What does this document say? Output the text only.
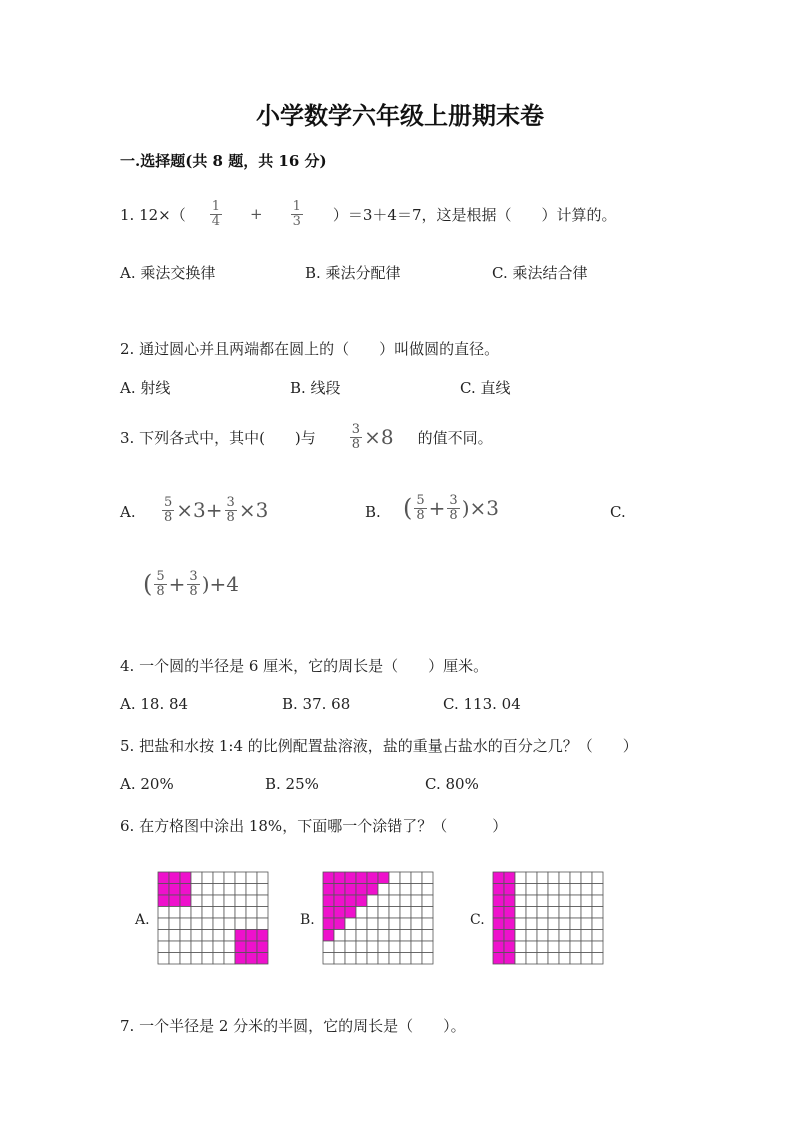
小学数学六年级上册期末卷
一.选择题(共 8 题，共 16 分)
1. $12\times( \frac{1}{4} + \frac{1}{3} )=3+4=7$，这是根据（　　）计算的。
A. 乘法交换律	B. 乘法分配律	C. 乘法结合律
2. 通过圆心并且两端都在圆上的（　　）叫做圆的直径。
A. 射线	B. 线段	C. 直线
3. 下列各式中，其中(　　)与	$\frac{3}{8} \times 8$ 的值不同。
A. $\frac{5}{8} \times 3+ \frac{3}{8} \times 3$	B. ( $\frac{5}{8} + \frac{3}{8} )\times 3$	C.
( $\frac{5}{8} + \frac{3}{8} )+4$
4. 一个圆的半径是 6 厘米，它的周长是（　　）厘米。
A. 18. 84	B. 37. 68	C. 113. 04
5. 把盐和水按 1:4 的比例配置盐溶液，盐的重量占盐水的百分之几？（　　）
A. 20%	B. 25%	C. 80%
6. 在方格图中涂出 18%，下面哪一个涂错了？（　　　）
A.	B.	C.
7. 一个半径是 2 分米的半圆，它的周长是（　　）。
